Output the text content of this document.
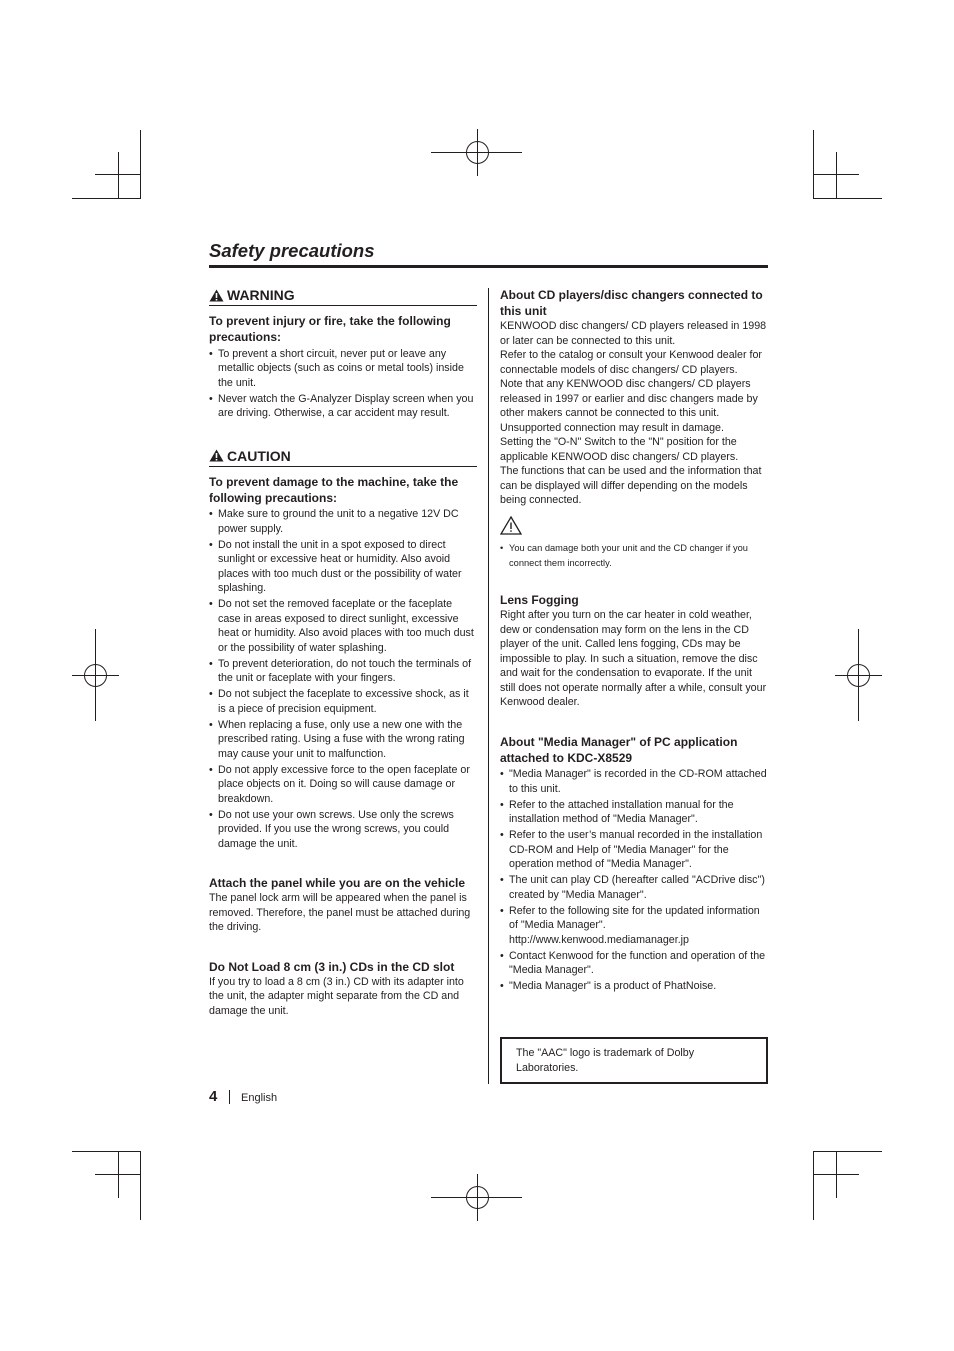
Safety precautions
WARNING
To prevent injury or fire, take the following precautions:
• To prevent a short circuit, never put or leave any metallic objects (such as coins or metal tools) inside the unit.
• Never watch the G-Analyzer Display screen when you are driving. Otherwise, a car accident may result.
CAUTION
To prevent damage to the machine, take the following precautions:
• Make sure to ground the unit to a negative 12V DC power supply.
• Do not install the unit in a spot exposed to direct sunlight or excessive heat or humidity. Also avoid places with too much dust or the possibility of water splashing.
• Do not set the removed faceplate or the faceplate case in areas exposed to direct sunlight, excessive heat or humidity. Also avoid places with too much dust or the possibility of water splashing.
• To prevent deterioration, do not touch the terminals of the unit or faceplate with your fingers.
• Do not subject the faceplate to excessive shock, as it is a piece of precision equipment.
• When replacing a fuse, only use a new one with the prescribed rating. Using a fuse with the wrong rating may cause your unit to malfunction.
• Do not apply excessive force to the open faceplate or place objects on it. Doing so will cause damage or breakdown.
• Do not use your own screws. Use only the screws provided. If you use the wrong screws, you could damage the unit.
Attach the panel while you are on the vehicle
The panel lock arm will be appeared when the panel is removed. Therefore, the panel must be attached during the driving.
Do Not Load 8 cm (3 in.) CDs in the CD slot
If you try to load a 8 cm (3 in.) CD with its adapter into the unit, the adapter might separate from the CD and damage the unit.
About CD players/disc changers connected to this unit
KENWOOD disc changers/ CD players released in 1998 or later can be connected to this unit.
Refer to the catalog or consult your Kenwood dealer for connectable models of disc changers/ CD players.
Note that any KENWOOD disc changers/ CD players released in 1997 or earlier and disc changers made by other makers cannot be connected to this unit.
Unsupported connection may result in damage.
Setting the "O-N" Switch to the "N" position for the applicable KENWOOD disc changers/ CD players.
The functions that can be used and the information that can be displayed will differ depending on the models being connected.
• You can damage both your unit and the CD changer if you connect them incorrectly.
Lens Fogging
Right after you turn on the car heater in cold weather, dew or condensation may form on the lens in the CD player of the unit. Called lens fogging, CDs may be impossible to play. In such a situation, remove the disc and wait for the condensation to evaporate. If the unit still does not operate normally after a while, consult your Kenwood dealer.
About "Media Manager" of PC application attached to KDC-X8529
• "Media Manager" is recorded in the CD-ROM attached to this unit.
• Refer to the attached installation manual for the installation method of "Media Manager".
• Refer to the user’s manual recorded in the installation CD-ROM and Help of "Media Manager" for the operation method of "Media Manager".
• The unit can play CD (hereafter called "ACDrive disc") created by "Media Manager".
• Refer to the following site for the updated information of "Media Manager".
http://www.kenwood.mediamanager.jp
• Contact Kenwood for the function and operation of the "Media Manager".
• "Media Manager" is a product of PhatNoise.
The "AAC" logo is trademark of Dolby Laboratories.
4 English
